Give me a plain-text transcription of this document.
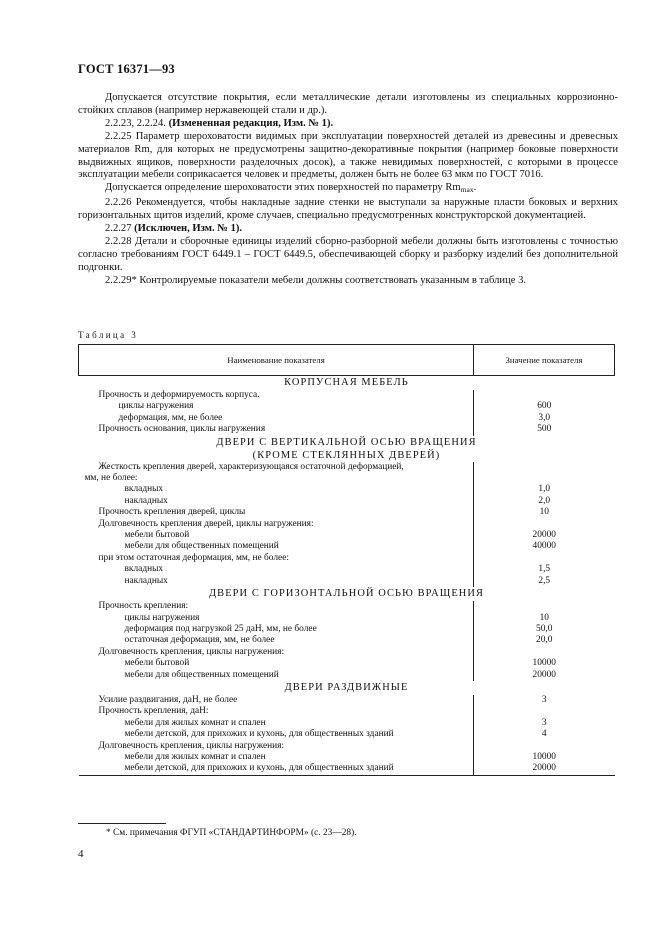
ГОСТ 16371—93

Допускается отсутствие покрытия, если металлические детали изготовлены из специальных коррозионно-стойких сплавов (например нержавеющей стали и др.).

2.2.23, 2.2.24. (Измененная редакция, Изм. № 1).

2.2.25 Параметр шероховатости видимых при эксплуатации поверхностей деталей из древесины и древесных материалов Rm, для которых не предусмотрены защитно-декоративные покрытия (например боковые поверхности выдвижных ящиков, поверхности разделочных досок), а также невидимых поверхностей, с которыми в процессе эксплуатации мебели соприкасается человек и предметы, должен быть не более 63 мкм по ГОСТ 7016.

Допускается определение шероховатости этих поверхностей по параметру $Rm_{max}$.

2.2.26 Рекомендуется, чтобы накладные задние стенки не выступали за наружные пласти боковых и верхних горизонтальных щитов изделий, кроме случаев, специально предусмотренных конструкторской документацией.

2.2.27 (Исключен, Изм. № 1).

2.2.28 Детали и сборочные единицы изделий сборно-разборной мебели должны быть изготовлены с точностью согласно требованиям ГОСТ 6449.1 – ГОСТ 6449.5, обеспечивающей сборку и разборку изделий без дополнительной подгонки.

2.2.29* Контролируемые показатели мебели должны соответствовать указанным в таблице 3.

Таблица 3
Наименование показателя	Значение показателя
КОРПУСНАЯ МЕБЕЛЬ	
Прочность и деформируемость корпуса.	
циклы нагружения	600
деформация, мм, не более	3,0
Прочность основания, циклы нагружения	500
ДВЕРИ С ВЕРТИКАЛЬНОЙ ОСЬЮ ВРАЩЕНИЯ	
(КРОМЕ СТЕКЛЯННЫХ ДВЕРЕЙ)	
Жесткость крепления дверей, характеризующаяся остаточной деформацией,	
мм, не более:	
вкладных	1,0
накладных	2,0
Прочность крепления дверей, циклы	10
Долговечность крепления дверей, циклы нагружения:	
мебели бытовой	20000
мебели для общественных помещений	40000
при этом остаточная деформация, мм, не более:	
вкладных	1,5
накладных	2,5
ДВЕРИ С ГОРИЗОНТАЛЬНОЙ ОСЬЮ ВРАЩЕНИЯ	
Прочность крепления:	
циклы нагружения	10
деформация под нагрузкой 25 даН, мм, не более	50,0
остаточная деформация, мм, не более	20,0
Долговечность крепления, циклы нагружения:	
мебели бытовой	10000
мебели для общественных помещений	20000
ДВЕРИ РАЗДВИЖНЫЕ	
Усилие раздвигания, даН, не более	3
Прочность крепления, даН:	
мебели для жилых комнат и спален	3
мебели детской, для прихожих и кухонь, для общественных зданий	4
Долговечность крепления, циклы нагружения:	
мебели для жилых комнат и спален	10000
мебели детской, для прихожих и кухонь, для общественных зданий	20000
* См. примечания ФГУП «СТАНДАРТИНФОРМ» (с. 23—28).
4
